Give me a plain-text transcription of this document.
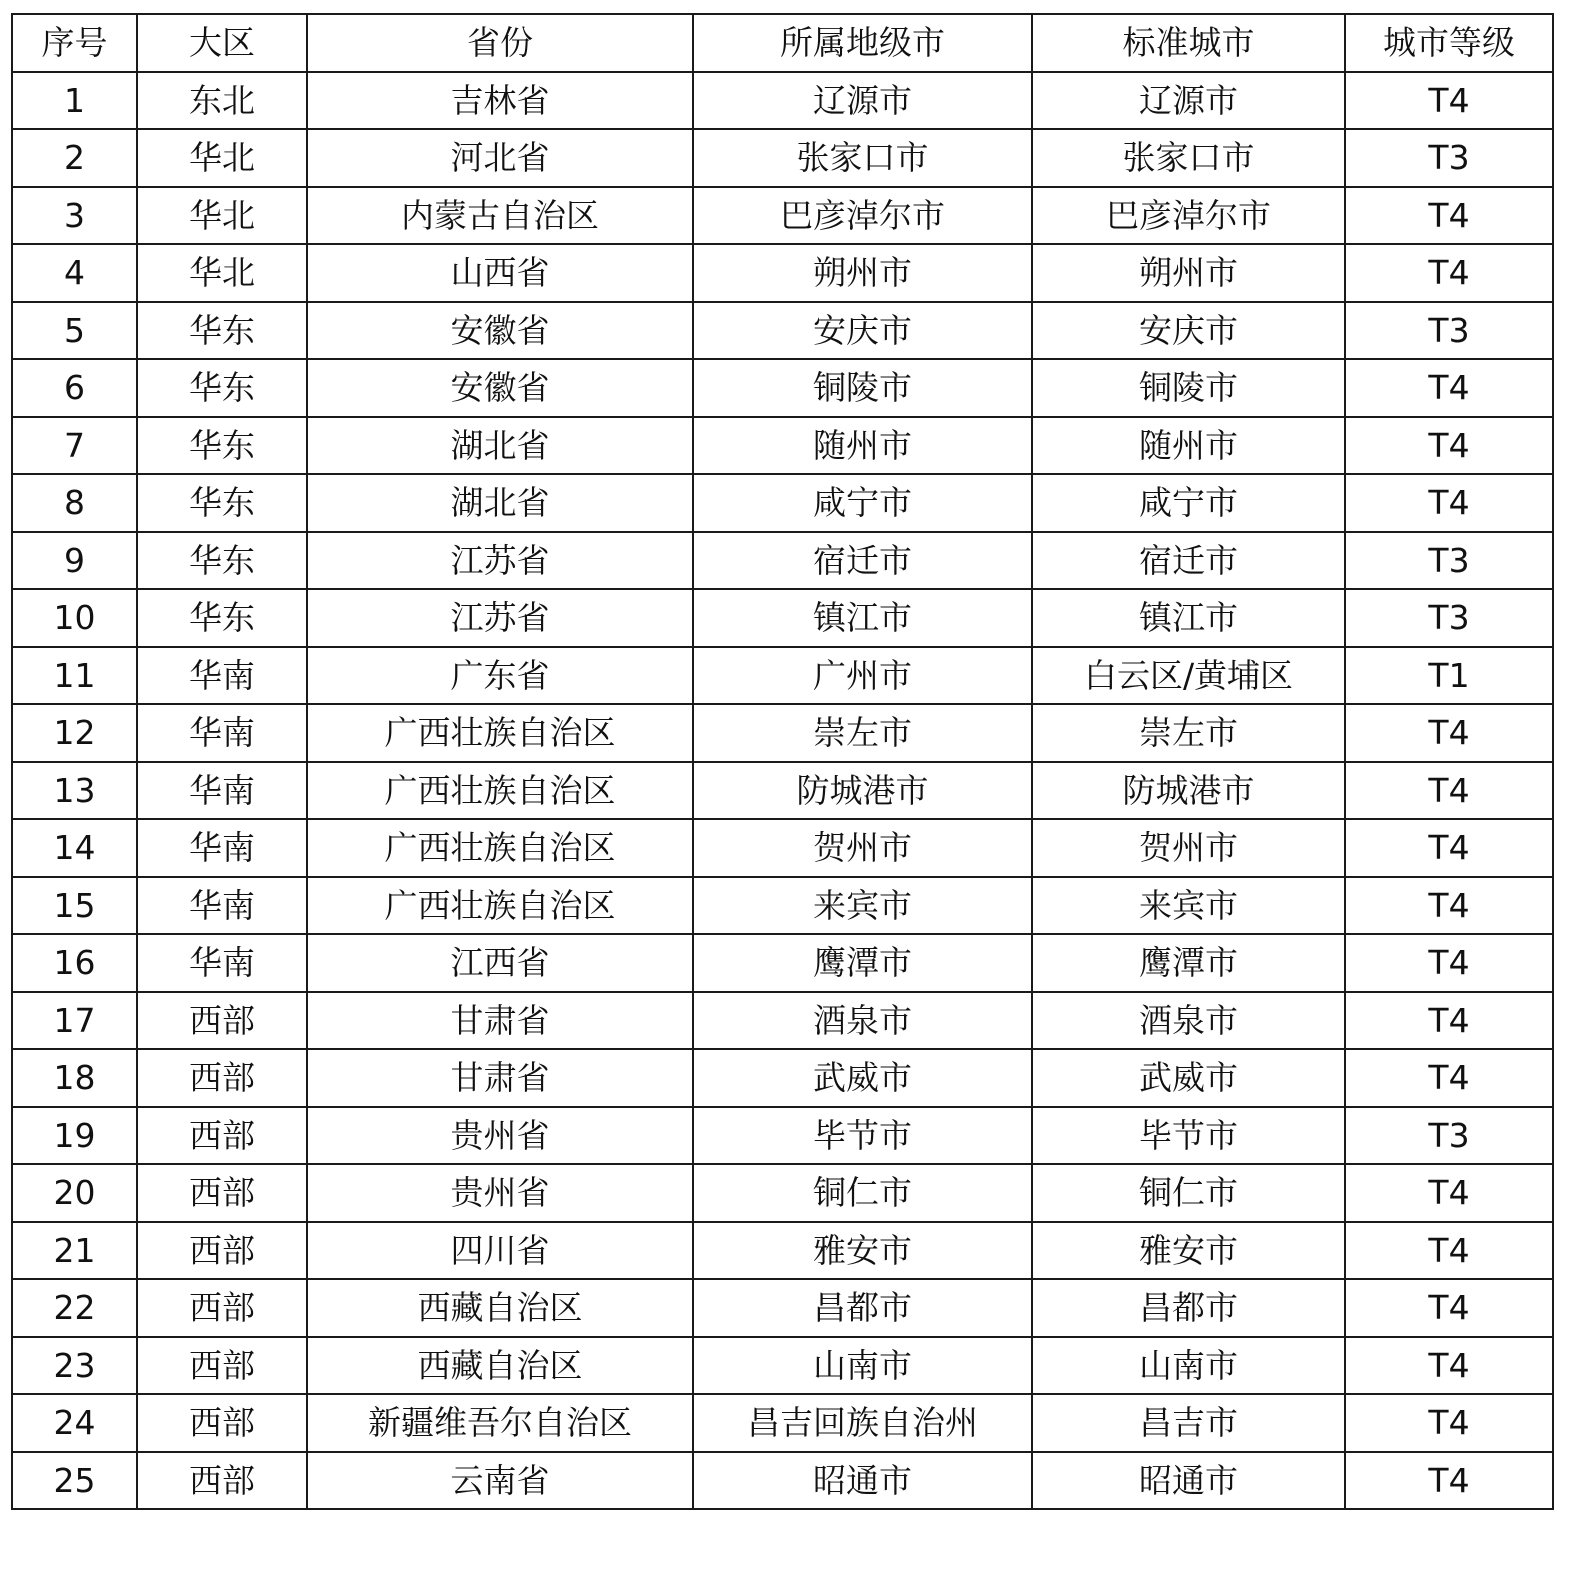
序号	大区	省份	所属地级市	标准城市	城市等级
1	东北	吉林省	辽源市	辽源市	T4
2	华北	河北省	张家口市	张家口市	T3
3	华北	内蒙古自治区	巴彦淖尔市	巴彦淖尔市	T4
4	华北	山西省	朔州市	朔州市	T4
5	华东	安徽省	安庆市	安庆市	T3
6	华东	安徽省	铜陵市	铜陵市	T4
7	华东	湖北省	随州市	随州市	T4
8	华东	湖北省	咸宁市	咸宁市	T4
9	华东	江苏省	宿迁市	宿迁市	T3
10	华东	江苏省	镇江市	镇江市	T3
11	华南	广东省	广州市	白云区/黄埔区	T1
12	华南	广西壮族自治区	崇左市	崇左市	T4
13	华南	广西壮族自治区	防城港市	防城港市	T4
14	华南	广西壮族自治区	贺州市	贺州市	T4
15	华南	广西壮族自治区	来宾市	来宾市	T4
16	华南	江西省	鹰潭市	鹰潭市	T4
17	西部	甘肃省	酒泉市	酒泉市	T4
18	西部	甘肃省	武威市	武威市	T4
19	西部	贵州省	毕节市	毕节市	T3
20	西部	贵州省	铜仁市	铜仁市	T4
21	西部	四川省	雅安市	雅安市	T4
22	西部	西藏自治区	昌都市	昌都市	T4
23	西部	西藏自治区	山南市	山南市	T4
24	西部	新疆维吾尔自治区	昌吉回族自治州	昌吉市	T4
25	西部	云南省	昭通市	昭通市	T4
